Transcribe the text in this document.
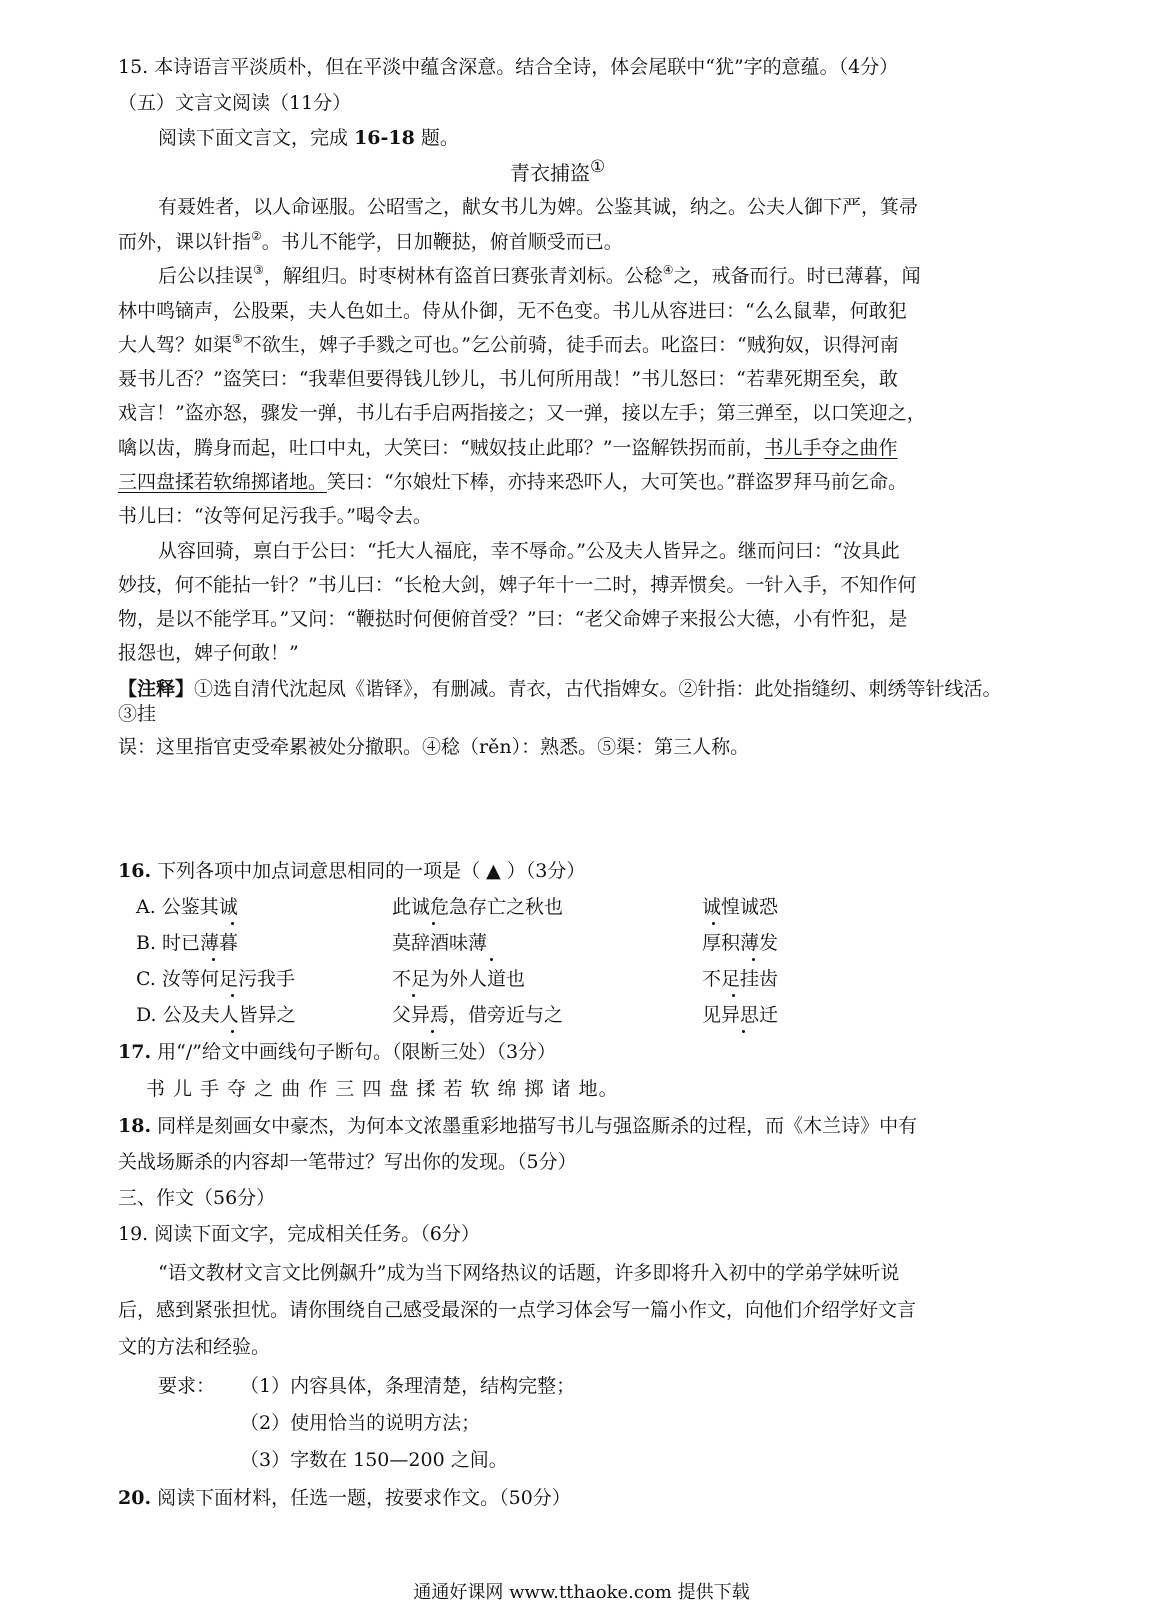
15. 本诗语言平淡质朴，但在平淡中蕴含深意。结合全诗，体会尾联中“犹”字的意蕴。（4分）
（五）文言文阅读（11分）
阅读下面文言文，完成 16-18 题。
青衣捕盗①
有聂姓者，以人命诬服。公昭雪之，献女书儿为婢。公鉴其诚，纳之。公夫人御下严，箕帚
而外，课以针指②。书儿不能学，日加鞭挞，俯首顺受而已。
后公以挂误③，解组归。时枣树林有盗首曰赛张青刘标。公稔④之，戒备而行。时已薄暮，闻
林中鸣镝声，公股栗，夫人色如土。侍从仆御，无不色变。书儿从容进曰：“么么鼠辈，何敢犯
大人驾？如渠⑤不欲生，婢子手戮之可也。”乞公前骑，徒手而去。叱盗曰：“贼狗奴，识得河南
聂书儿否？”盗笑曰：“我辈但要得钱儿钞儿，书儿何所用哉！”书儿怒曰：“若辈死期至矣，敢
戏言！”盗亦怒，骤发一弹，书儿右手启两指接之；又一弹，接以左手；第三弹至，以口笑迎之，
噙以齿，腾身而起，吐口中丸，大笑曰：“贼奴技止此耶？”一盗解铁拐而前，书儿手夺之曲作
三四盘揉若软绵掷诸地。笑曰：“尔娘灶下棒，亦持来恐吓人，大可笑也。”群盗罗拜马前乞命。
书儿曰：“汝等何足污我手。”喝令去。
从容回骑，禀白于公曰：“托大人福庇，幸不辱命。”公及夫人皆异之。继而问曰：“汝具此
妙技，何不能拈一针？”书儿曰：“长枪大剑，婢子年十一二时，搏弄惯矣。一针入手，不知作何
物，是以不能学耳。”又问：“鞭挞时何便俯首受？”曰：“老父命婢子来报公大德，小有忤犯，是
报怨也，婢子何敢！”
【注释】①选自清代沈起凤《谐铎》，有删减。青衣，古代指婢女。②针指：此处指缝纫、刺绣等针线活。
③挂
误：这里指官吏受牵累被处分撤职。④稔（rěn）：熟悉。⑤渠：第三人称。
16. 下列各项中加点词意思相同的一项是（ ▲ ）（3分）
A. 公鉴其诚	此诚危急存亡之秋也	诚惶诚恐
B. 时已薄暮	莫辞酒味薄	厚积薄发
C. 汝等何足污我手	不足为外人道也	不足挂齿
D. 公及夫人皆异之	父异焉，借旁近与之	见异思迁
17. 用“/”给文中画线句子断句。（限断三处）（3分）
书 儿 手 夺 之 曲 作 三 四 盘 揉 若 软 绵 掷 诸 地。
18. 同样是刻画女中豪杰，为何本文浓墨重彩地描写书儿与强盗厮杀的过程，而《木兰诗》中有
关战场厮杀的内容却一笔带过？写出你的发现。（5分）
三、作文（56分）
19. 阅读下面文字，完成相关任务。（6分）
“语文教材文言文比例飙升”成为当下网络热议的话题，许多即将升入初中的学弟学妹听说
后，感到紧张担忧。请你围绕自己感受最深的一点学习体会写一篇小作文，向他们介绍学好文言
文的方法和经验。
要求： （1）内容具体，条理清楚，结构完整；
（2）使用恰当的说明方法；
（3）字数在 150—200 之间。
20. 阅读下面材料，任选一题，按要求作文。（50分）
通通好课网 www.tthaoke.com 提供下载
